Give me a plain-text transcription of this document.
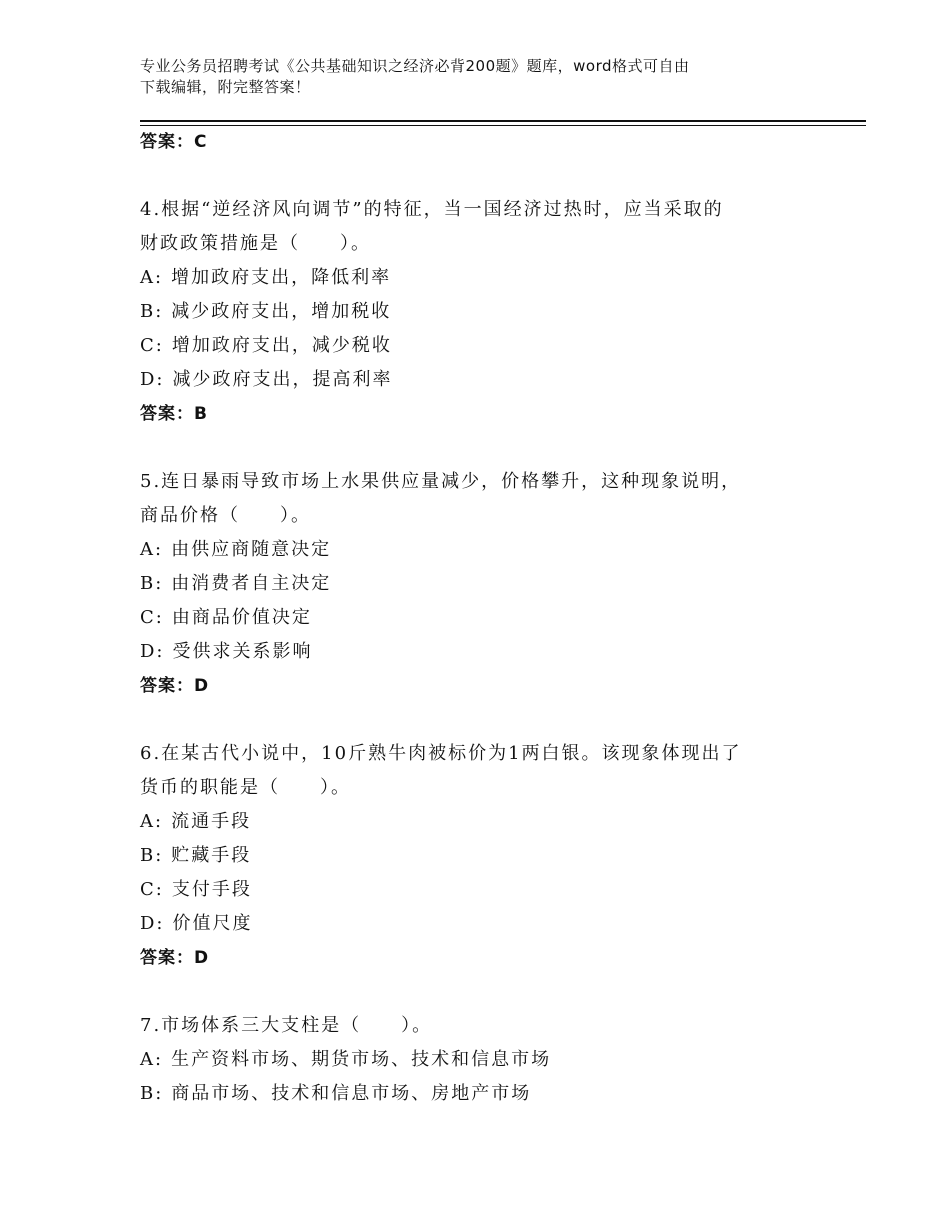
专业公务员招聘考试《公共基础知识之经济必背200题》题库，word格式可自由
下载编辑，附完整答案！
答案：C
4.根据“逆经济风向调节”的特征，当一国经济过热时，应当采取的
财政政策措施是（　　）。
A: 增加政府支出，降低利率
B: 减少政府支出，增加税收
C: 增加政府支出，减少税收
D: 减少政府支出，提高利率
答案：B
5.连日暴雨导致市场上水果供应量减少，价格攀升，这种现象说明，
商品价格（　　）。
A: 由供应商随意决定
B: 由消费者自主决定
C: 由商品价值决定
D: 受供求关系影响
答案：D
6.在某古代小说中，10斤熟牛肉被标价为1两白银。该现象体现出了
货币的职能是（　　）。
A: 流通手段
B: 贮藏手段
C: 支付手段
D: 价值尺度
答案：D
7.市场体系三大支柱是（　　）。
A: 生产资料市场、期货市场、技术和信息市场
B: 商品市场、技术和信息市场、房地产市场
